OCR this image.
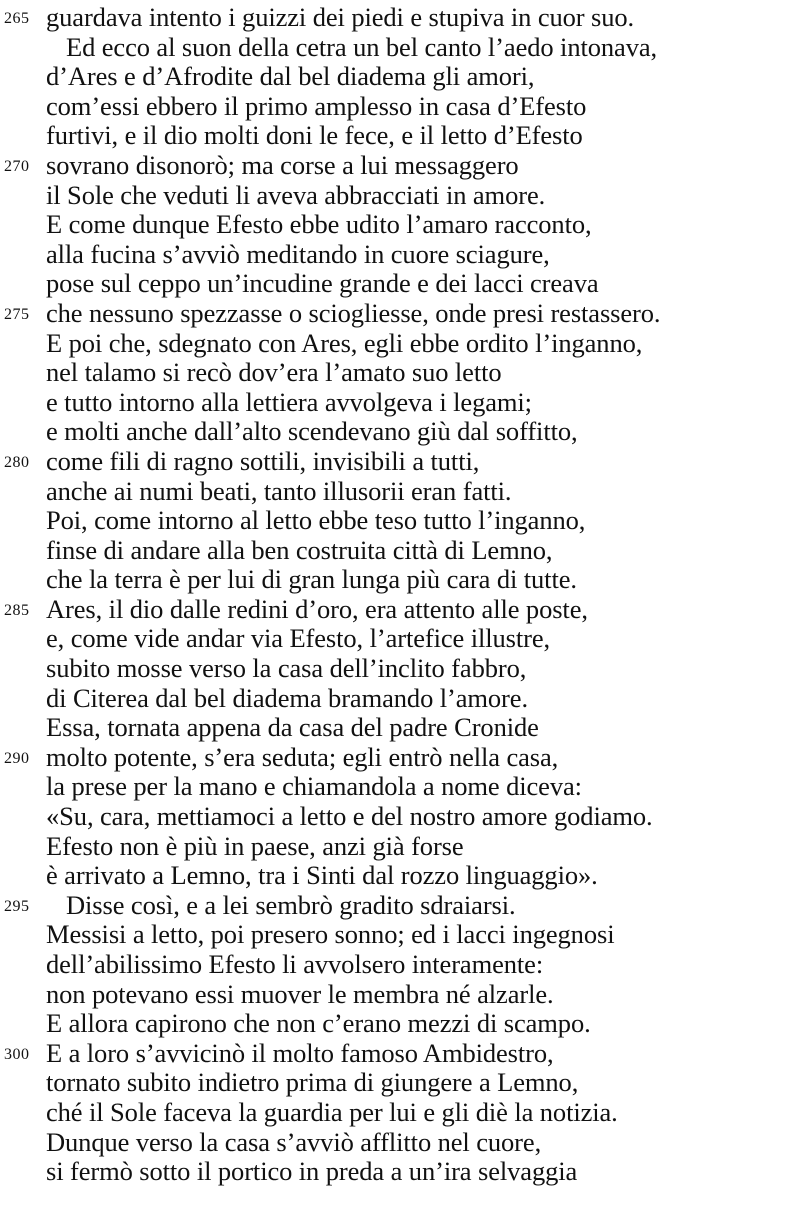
265 guardava intento i guizzi dei piedi e stupiva in cuor suo.
Ed ecco al suon della cetra un bel canto l’aedo intonava,
d’Ares e d’Afrodite dal bel diadema gli amori,
com’essi ebbero il primo amplesso in casa d’Efesto
furtivi, e il dio molti doni le fece, e il letto d’Efesto
270 sovrano disonorò; ma corse a lui messaggero
il Sole che veduti li aveva abbracciati in amore.
E come dunque Efesto ebbe udito l’amaro racconto,
alla fucina s’avviò meditando in cuore sciagure,
pose sul ceppo un’incudine grande e dei lacci creava
275 che nessuno spezzasse o sciogliesse, onde presi restassero.
E poi che, sdegnato con Ares, egli ebbe ordito l’inganno,
nel talamo si recò dov’era l’amato suo letto
e tutto intorno alla lettiera avvolgeva i legami;
e molti anche dall’alto scendevano giù dal soffitto,
280 come fili di ragno sottili, invisibili a tutti,
anche ai numi beati, tanto illusorii eran fatti.
Poi, come intorno al letto ebbe teso tutto l’inganno,
finse di andare alla ben costruita città di Lemno,
che la terra è per lui di gran lunga più cara di tutte.
285 Ares, il dio dalle redini d’oro, era attento alle poste,
e, come vide andar via Efesto, l’artefice illustre,
subito mosse verso la casa dell’inclito fabbro,
di Citerea dal bel diadema bramando l’amore.
Essa, tornata appena da casa del padre Cronide
290 molto potente, s’era seduta; egli entrò nella casa,
la prese per la mano e chiamandola a nome diceva:
«Su, cara, mettiamoci a letto e del nostro amore godiamo.
Efesto non è più in paese, anzi già forse
è arrivato a Lemno, tra i Sinti dal rozzo linguaggio».
295 Disse così, e a lei sembrò gradito sdraiarsi.
Messisi a letto, poi presero sonno; ed i lacci ingegnosi
dell’abilissimo Efesto li avvolsero interamente:
non potevano essi muover le membra né alzarle.
E allora capirono che non c’erano mezzi di scampo.
300 E a loro s’avvicinò il molto famoso Ambidestro,
tornato subito indietro prima di giungere a Lemno,
ché il Sole faceva la guardia per lui e gli diè la notizia.
Dunque verso la casa s’avviò afflitto nel cuore,
si fermò sotto il portico in preda a un’ira selvaggia
